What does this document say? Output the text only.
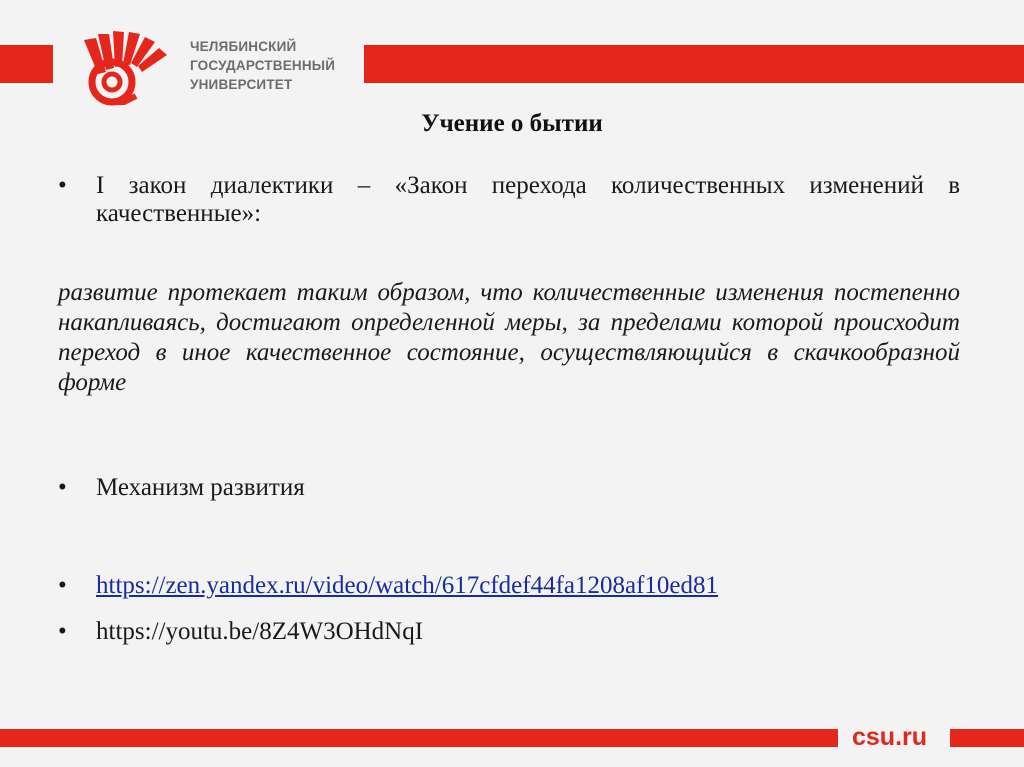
ЧЕЛЯБИНСКИЙ
ГОСУДАРСТВЕННЫЙ
УНИВЕРСИТЕТ
Учение о бытии
•	I закон диалектики – «Закон перехода количественных изменений в качественные»:
развитие протекает таким образом, что количественные изменения постепенно накапливаясь, достигают определенной меры, за пределами которой происходит переход в иное качественное состояние, осуществляющийся в скачкообразной форме
•	Механизм развития
•	https://zen.yandex.ru/video/watch/617cfdef44fa1208af10ed81
•	https://youtu.be/8Z4W3OHdNqI
csu.ru
